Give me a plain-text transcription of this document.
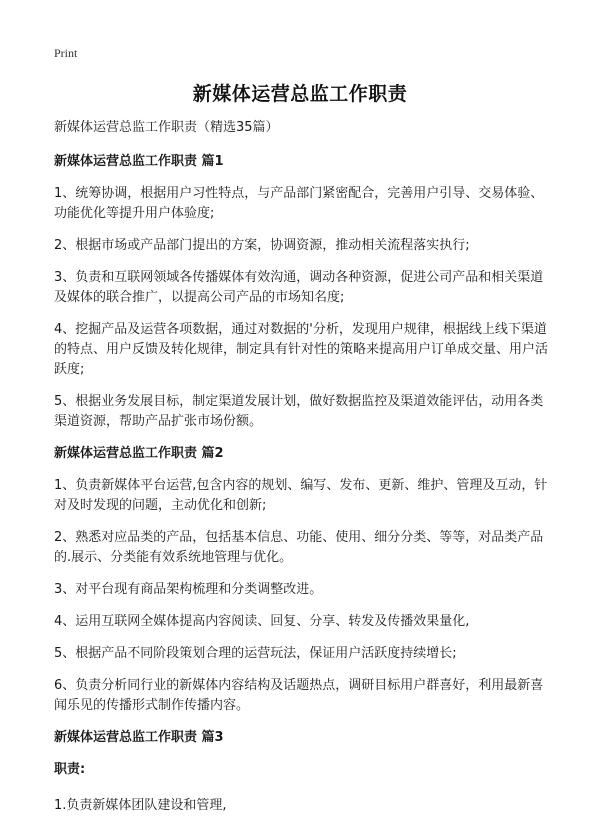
Print
新媒体运营总监工作职责

新媒体运营总监工作职责（精选35篇）

新媒体运营总监工作职责 篇1

1、统筹协调，根据用户习性特点，与产品部门紧密配合，完善用户引导、交易体验、功能优化等提升用户体验度;

2、根据市场或产品部门提出的方案，协调资源，推动相关流程落实执行;

3、负责和互联网领域各传播媒体有效沟通，调动各种资源，促进公司产品和相关渠道及媒体的联合推广，以提高公司产品的市场知名度;

4、挖掘产品及运营各项数据，通过对数据的'分析，发现用户规律，根据线上线下渠道的特点、用户反馈及转化规律，制定具有针对性的策略来提高用户订单成交量、用户活跃度;

5、根据业务发展目标，制定渠道发展计划，做好数据监控及渠道效能评估，动用各类渠道资源，帮助产品扩张市场份额。

新媒体运营总监工作职责 篇2

1、负责新媒体平台运营,包含内容的规划、编写、发布、更新、维护、管理及互动，针对及时发现的问题，主动优化和创新;

2、熟悉对应品类的产品，包括基本信息、功能、使用、细分分类、等等，对品类产品的.展示、分类能有效系统地管理与优化。

3、对平台现有商品架构梳理和分类调整改进。

4、运用互联网全媒体提高内容阅读、回复、分享、转发及传播效果量化,

5、根据产品不同阶段策划合理的运营玩法，保证用户活跃度持续增长;

6、负责分析同行业的新媒体内容结构及话题热点，调研目标用户群喜好，利用最新喜闻乐见的传播形式制作传播内容。

新媒体运营总监工作职责 篇3

职责:

1.负责新媒体团队建设和管理,
